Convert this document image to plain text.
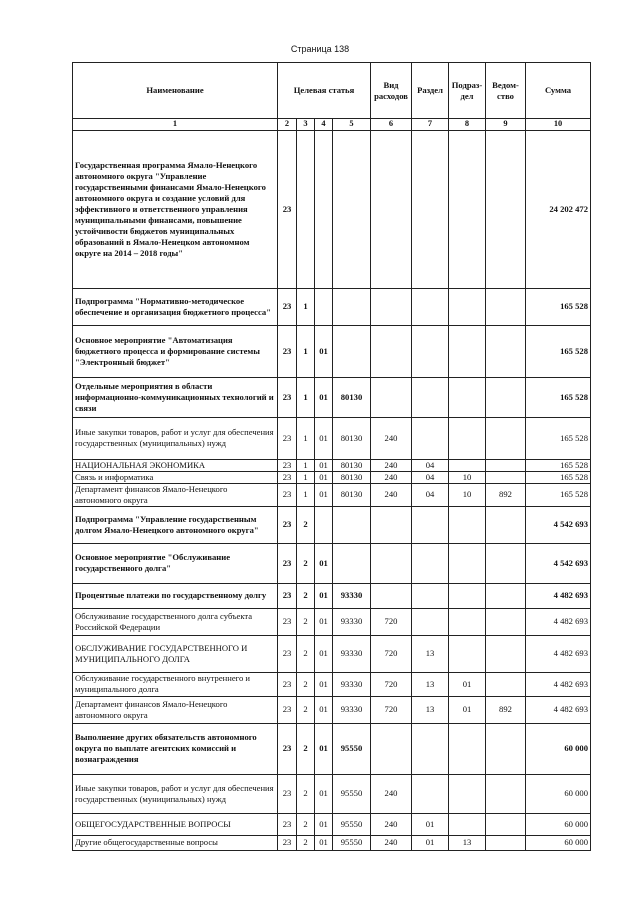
Страница 138
Наименование	Целевая статья				Вид расходов	Раздел	Подраз-дел	Ведом-ство	Сумма
1	2	3	4	5	6	7	8	9	10
Государственная программа Ямало-Ненецкого автономного округа "Управление государственными финансами Ямало-Ненецкого автономного округа и создание условий для эффективного и ответственного управления муниципальными финансами, повышение устойчивости бюджетов муниципальных образований в Ямало-Ненецком автономном округе на 2014 – 2018 годы"	23								24 202 472
Подпрограмма "Нормативно-методическое обеспечение и организация бюджетного процесса"	23	1							165 528
Основное мероприятие "Автоматизация бюджетного процесса и формирование системы "Электронный бюджет"	23	1	01						165 528
Отдельные мероприятия в области информационно-коммуникационных технологий и связи	23	1	01	80130					165 528
Иные закупки товаров, работ и услуг для обеспечения государственных (муниципальных) нужд	23	1	01	80130	240				165 528
НАЦИОНАЛЬНАЯ ЭКОНОМИКА	23	1	01	80130	240	04			165 528
Связь и информатика	23	1	01	80130	240	04	10		165 528
Департамент финансов Ямало-Ненецкого автономного округа	23	1	01	80130	240	04	10	892	165 528
Подпрограмма "Управление государственным долгом Ямало-Ненецкого автономного округа"	23	2							4 542 693
Основное мероприятие "Обслуживание государственного долга"	23	2	01						4 542 693
Процентные платежи по государственному долгу	23	2	01	93330					4 482 693
Обслуживание государственного долга субъекта Российской Федерации	23	2	01	93330	720				4 482 693
ОБСЛУЖИВАНИЕ ГОСУДАРСТВЕННОГО И МУНИЦИПАЛЬНОГО ДОЛГА	23	2	01	93330	720	13			4 482 693
Обслуживание государственного внутреннего и муниципального долга	23	2	01	93330	720	13	01		4 482 693
Департамент финансов Ямало-Ненецкого автономного округа	23	2	01	93330	720	13	01	892	4 482 693
Выполнение других обязательств автономного округа по выплате агентских комиссий и вознаграждения	23	2	01	95550					60 000
Иные закупки товаров, работ и услуг для обеспечения государственных (муниципальных) нужд	23	2	01	95550	240				60 000
ОБЩЕГОСУДАРСТВЕННЫЕ ВОПРОСЫ	23	2	01	95550	240	01			60 000
Другие общегосударственные вопросы	23	2	01	95550	240	01	13		60 000
